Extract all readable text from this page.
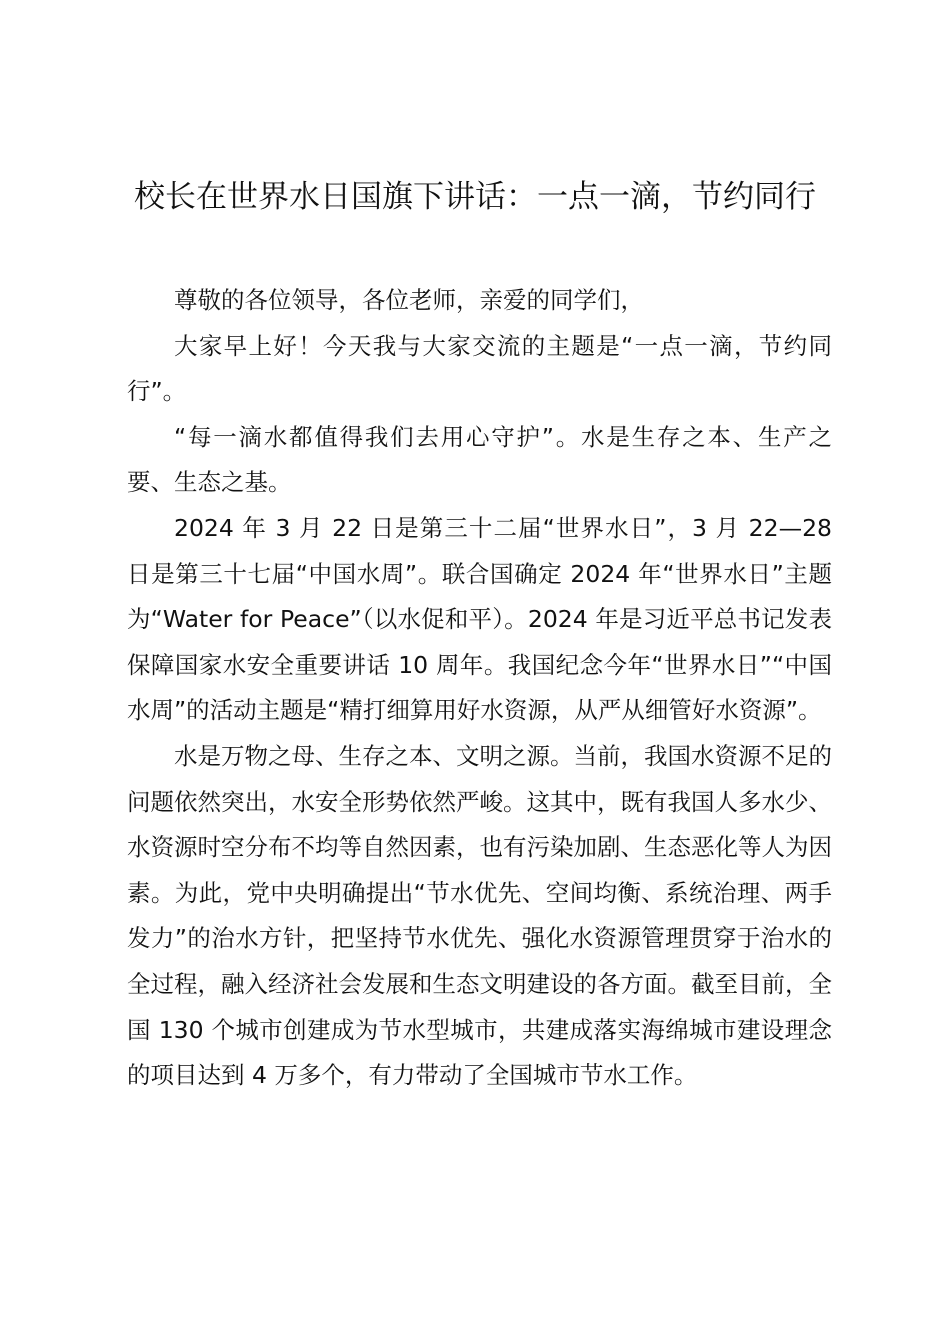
校长在世界水日国旗下讲话：一点一滴，节约同行

尊敬的各位领导，各位老师，亲爱的同学们，

大家早上好！今天我与大家交流的主题是“一点一滴，节约同行”。

“每一滴水都值得我们去用心守护”。水是生存之本、生产之要、生态之基。

2024 年 3 月 22 日是第三十二届“世界水日”，3 月 22—28 日是第三十七届“中国水周”。联合国确定 2024 年“世界水日”主题为“Water for Peace”（以水促和平）。2024 年是习近平总书记发表保障国家水安全重要讲话 10 周年。我国纪念今年“世界水日”“中国水周”的活动主题是“精打细算用好水资源，从严从细管好水资源”。

水是万物之母、生存之本、文明之源。当前，我国水资源不足的问题依然突出，水安全形势依然严峻。这其中，既有我国人多水少、水资源时空分布不均等自然因素，也有污染加剧、生态恶化等人为因素。为此，党中央明确提出“节水优先、空间均衡、系统治理、两手发力”的治水方针，把坚持节水优先、强化水资源管理贯穿于治水的全过程，融入经济社会发展和生态文明建设的各方面。截至目前，全国 130 个城市创建成为节水型城市，共建成落实海绵城市建设理念的项目达到 4 万多个，有力带动了全国城市节水工作。
